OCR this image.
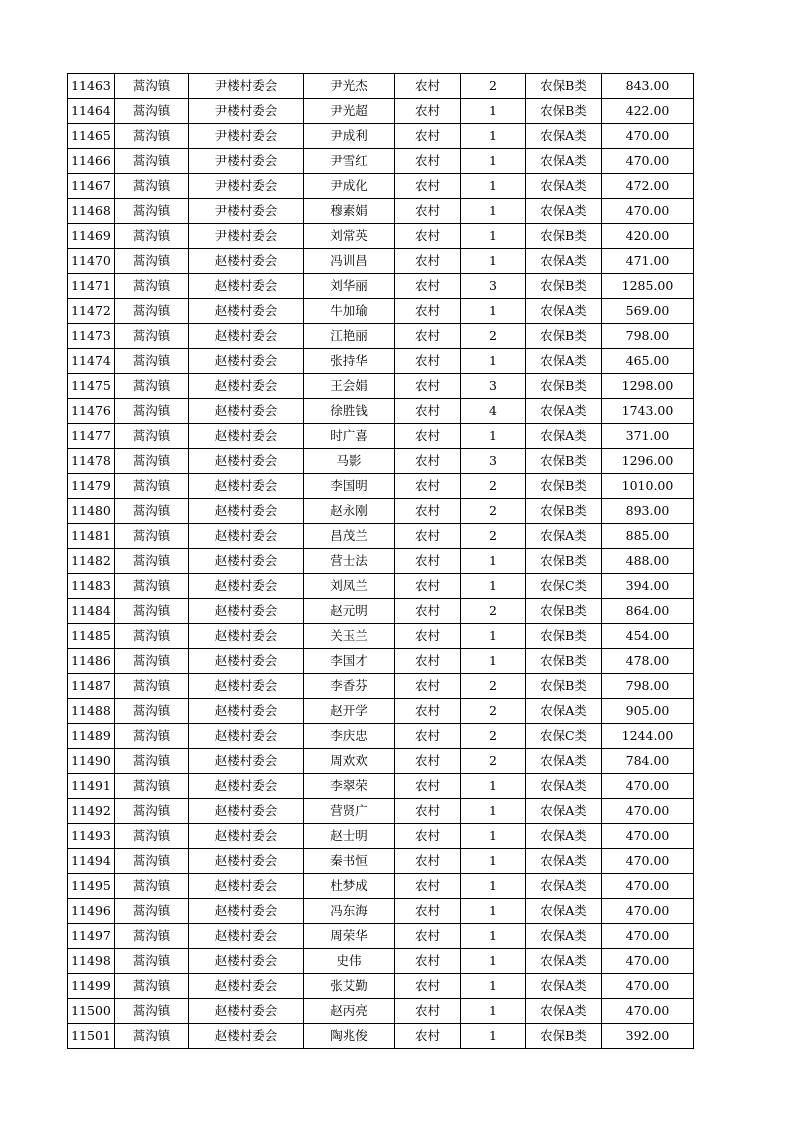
11463	蒿沟镇	尹楼村委会	尹光杰	农村	2	农保B类	843.00
11464	蒿沟镇	尹楼村委会	尹光超	农村	1	农保B类	422.00
11465	蒿沟镇	尹楼村委会	尹成利	农村	1	农保A类	470.00
11466	蒿沟镇	尹楼村委会	尹雪红	农村	1	农保A类	470.00
11467	蒿沟镇	尹楼村委会	尹成化	农村	1	农保A类	472.00
11468	蒿沟镇	尹楼村委会	穆素娟	农村	1	农保A类	470.00
11469	蒿沟镇	尹楼村委会	刘常英	农村	1	农保B类	420.00
11470	蒿沟镇	赵楼村委会	冯训昌	农村	1	农保A类	471.00
11471	蒿沟镇	赵楼村委会	刘华丽	农村	3	农保B类	1285.00
11472	蒿沟镇	赵楼村委会	牛加瑜	农村	1	农保A类	569.00
11473	蒿沟镇	赵楼村委会	江艳丽	农村	2	农保B类	798.00
11474	蒿沟镇	赵楼村委会	张持华	农村	1	农保A类	465.00
11475	蒿沟镇	赵楼村委会	王会娟	农村	3	农保B类	1298.00
11476	蒿沟镇	赵楼村委会	徐胜钱	农村	4	农保A类	1743.00
11477	蒿沟镇	赵楼村委会	时广喜	农村	1	农保A类	371.00
11478	蒿沟镇	赵楼村委会	马影	农村	3	农保B类	1296.00
11479	蒿沟镇	赵楼村委会	李国明	农村	2	农保B类	1010.00
11480	蒿沟镇	赵楼村委会	赵永刚	农村	2	农保B类	893.00
11481	蒿沟镇	赵楼村委会	昌茂兰	农村	2	农保A类	885.00
11482	蒿沟镇	赵楼村委会	营士法	农村	1	农保B类	488.00
11483	蒿沟镇	赵楼村委会	刘凤兰	农村	1	农保C类	394.00
11484	蒿沟镇	赵楼村委会	赵元明	农村	2	农保B类	864.00
11485	蒿沟镇	赵楼村委会	关玉兰	农村	1	农保B类	454.00
11486	蒿沟镇	赵楼村委会	李国才	农村	1	农保B类	478.00
11487	蒿沟镇	赵楼村委会	李香芬	农村	2	农保B类	798.00
11488	蒿沟镇	赵楼村委会	赵开学	农村	2	农保A类	905.00
11489	蒿沟镇	赵楼村委会	李庆忠	农村	2	农保C类	1244.00
11490	蒿沟镇	赵楼村委会	周欢欢	农村	2	农保A类	784.00
11491	蒿沟镇	赵楼村委会	李翠荣	农村	1	农保A类	470.00
11492	蒿沟镇	赵楼村委会	营贤广	农村	1	农保A类	470.00
11493	蒿沟镇	赵楼村委会	赵士明	农村	1	农保A类	470.00
11494	蒿沟镇	赵楼村委会	秦书恒	农村	1	农保A类	470.00
11495	蒿沟镇	赵楼村委会	杜梦成	农村	1	农保A类	470.00
11496	蒿沟镇	赵楼村委会	冯东海	农村	1	农保A类	470.00
11497	蒿沟镇	赵楼村委会	周荣华	农村	1	农保A类	470.00
11498	蒿沟镇	赵楼村委会	史伟	农村	1	农保A类	470.00
11499	蒿沟镇	赵楼村委会	张艾勤	农村	1	农保A类	470.00
11500	蒿沟镇	赵楼村委会	赵丙亮	农村	1	农保A类	470.00
11501	蒿沟镇	赵楼村委会	陶兆俊	农村	1	农保B类	392.00
